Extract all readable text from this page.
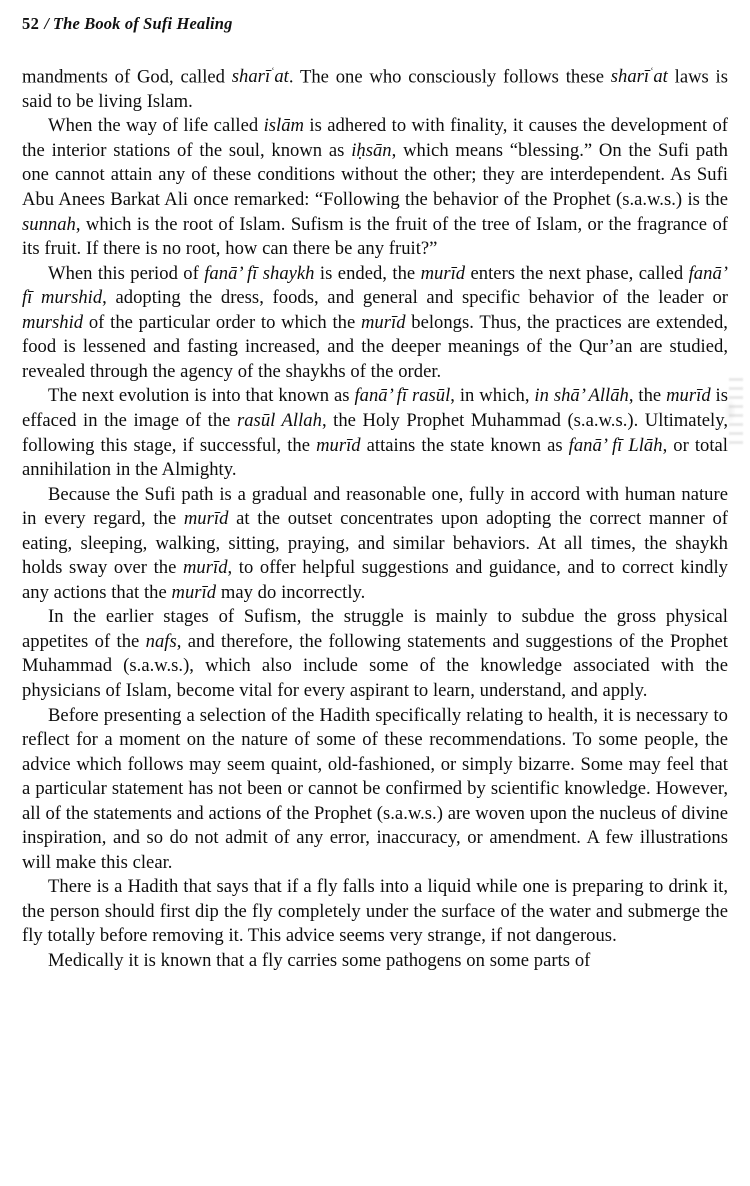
52 / The Book of Sufi Healing

mandments of God, called sharī$^ʿ$at. The one who consciously follows these sharī$^ʿ$at laws is said to be living Islam.

When the way of life called islām is adhered to with finality, it causes the development of the interior stations of the soul, known as iḥsān, which means “blessing.” On the Sufi path one cannot attain any of these conditions without the other; they are interdependent. As Sufi Abu Anees Barkat Ali once remarked: “Following the behavior of the Prophet (s.a.w.s.) is the sunnah, which is the root of Islam. Sufism is the fruit of the tree of Islam, or the fragrance of its fruit. If there is no root, how can there be any fruit?”

When this period of fanā’ fī shaykh is ended, the murīd enters the next phase, called fanā’ fī murshid, adopting the dress, foods, and general and specific behavior of the leader or murshid of the particular order to which the murīd belongs. Thus, the practices are extended, food is lessened and fasting increased, and the deeper meanings of the Qur’an are studied, revealed through the agency of the shaykhs of the order.

The next evolution is into that known as fanā’ fī rasūl, in which, in shā’ Allāh, the murīd is effaced in the image of the rasūl Allah, the Holy Prophet Muhammad (s.a.w.s.). Ultimately, following this stage, if successful, the murīd attains the state known as fanā’ fī Llāh, or total annihilation in the Almighty.

Because the Sufi path is a gradual and reasonable one, fully in accord with human nature in every regard, the murīd at the outset concentrates upon adopting the correct manner of eating, sleeping, walking, sitting, praying, and similar behaviors. At all times, the shaykh holds sway over the murīd, to offer helpful suggestions and guidance, and to correct kindly any actions that the murīd may do incorrectly.

In the earlier stages of Sufism, the struggle is mainly to subdue the gross physical appetites of the nafs, and therefore, the following statements and suggestions of the Prophet Muhammad (s.a.w.s.), which also include some of the knowledge associated with the physicians of Islam, become vital for every aspirant to learn, understand, and apply.

Before presenting a selection of the Hadith specifically relating to health, it is necessary to reflect for a moment on the nature of some of these recommendations. To some people, the advice which follows may seem quaint, old-fashioned, or simply bizarre. Some may feel that a particular statement has not been or cannot be confirmed by scientific knowledge. However, all of the statements and actions of the Prophet (s.a.w.s.) are woven upon the nucleus of divine inspiration, and so do not admit of any error, inaccuracy, or amendment. A few illustrations will make this clear.

There is a Hadith that says that if a fly falls into a liquid while one is preparing to drink it, the person should first dip the fly completely under the surface of the water and submerge the fly totally before removing it. This advice seems very strange, if not dangerous.

Medically it is known that a fly carries some pathogens on some parts of
